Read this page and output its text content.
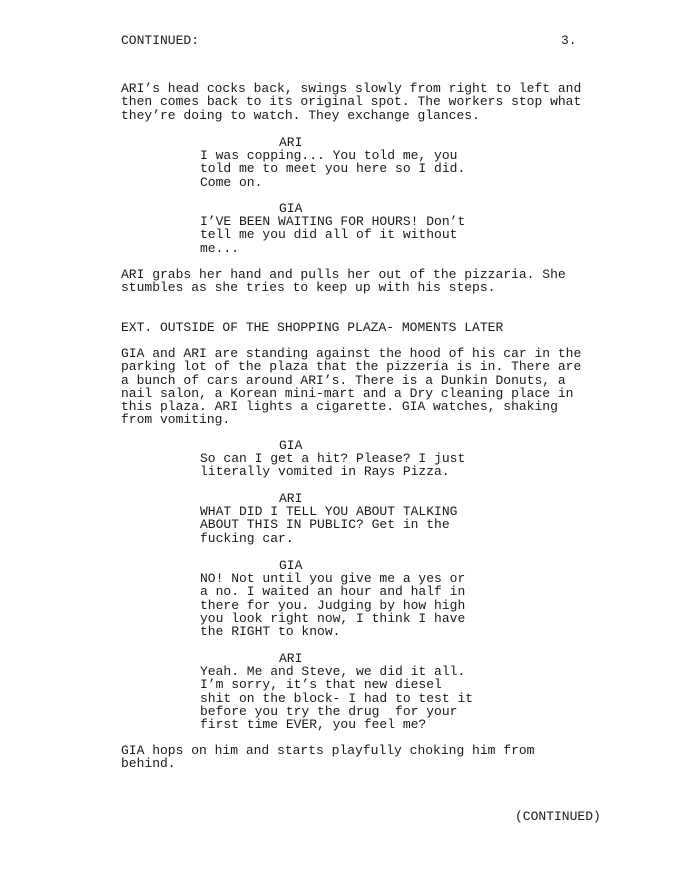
CONTINUED:	3.
ARI’s head cocks back, swings slowly from right to left and
then comes back to its original spot. The workers stop what
they’re doing to watch. They exchange glances.
ARI
I was copping... You told me, you
told me to meet you here so I did.
Come on.
GIA
I’VE BEEN WAITING FOR HOURS! Don’t
tell me you did all of it without
me...
ARI grabs her hand and pulls her out of the pizzaria. She
stumbles as she tries to keep up with his steps.
EXT. OUTSIDE OF THE SHOPPING PLAZA- MOMENTS LATER
GIA and ARI are standing against the hood of his car in the
parking lot of the plaza that the pizzeria is in. There are
a bunch of cars around ARI’s. There is a Dunkin Donuts, a
nail salon, a Korean mini-mart and a Dry cleaning place in
this plaza. ARI lights a cigarette. GIA watches, shaking
from vomiting.
GIA
So can I get a hit? Please? I just
literally vomited in Rays Pizza.
ARI
WHAT DID I TELL YOU ABOUT TALKING
ABOUT THIS IN PUBLIC? Get in the
fucking car.
GIA
NO! Not until you give me a yes or
a no. I waited an hour and half in
there for you. Judging by how high
you look right now, I think I have
the RIGHT to know.
ARI
Yeah. Me and Steve, we did it all.
I’m sorry, it’s that new diesel
shit on the block- I had to test it
before you try the drug  for your
first time EVER, you feel me?
GIA hops on him and starts playfully choking him from
behind.
(CONTINUED)
